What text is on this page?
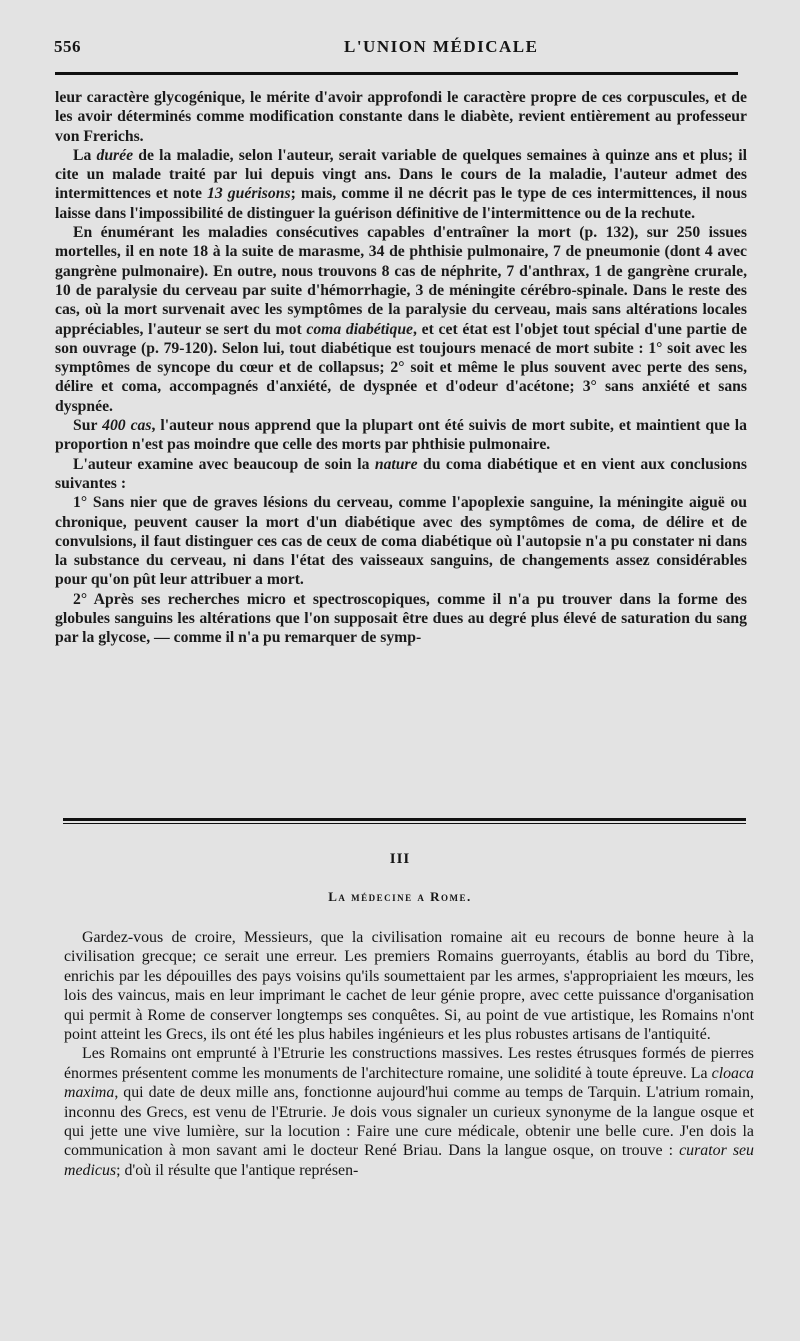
556	L'UNION MÉDICALE

leur caractère glycogénique, le mérite d'avoir approfondi le caractère propre de ces corpuscules, et de les avoir déterminés comme modification constante dans le diabète, revient entièrement au professeur von Frerichs.

La durée de la maladie, selon l'auteur, serait variable de quelques semaines à quinze ans et plus; il cite un malade traité par lui depuis vingt ans. Dans le cours de la maladie, l'auteur admet des intermittences et note 13 guérisons; mais, comme il ne décrit pas le type de ces intermittences, il nous laisse dans l'impossibilité de distinguer la guérison définitive de l'intermittence ou de la rechute.

En énumérant les maladies consécutives capables d'entraîner la mort (p. 132), sur 250 issues mortelles, il en note 18 à la suite de marasme, 34 de phthisie pulmonaire, 7 de pneumonie (dont 4 avec gangrène pulmonaire). En outre, nous trouvons 8 cas de néphrite, 7 d'anthrax, 1 de gangrène crurale, 10 de paralysie du cerveau par suite d'hémorrhagie, 3 de méningite cérébro-spinale. Dans le reste des cas, où la mort survenait avec les symptômes de la paralysie du cerveau, mais sans altérations locales appréciables, l'auteur se sert du mot coma diabétique, et cet état est l'objet tout spécial d'une partie de son ouvrage (p. 79-120). Selon lui, tout diabétique est toujours menacé de mort subite : 1° soit avec les symptômes de syncope du cœur et de collapsus; 2° soit et même le plus souvent avec perte des sens, délire et coma, accompagnés d'anxiété, de dyspnée et d'odeur d'acétone; 3° sans anxiété et sans dyspnée.

Sur 400 cas, l'auteur nous apprend que la plupart ont été suivis de mort subite, et maintient que la proportion n'est pas moindre que celle des morts par phthisie pulmonaire.

L'auteur examine avec beaucoup de soin la nature du coma diabétique et en vient aux conclusions suivantes :

1° Sans nier que de graves lésions du cerveau, comme l'apoplexie sanguine, la méningite aiguë ou chronique, peuvent causer la mort d'un diabétique avec des symptômes de coma, de délire et de convulsions, il faut distinguer ces cas de ceux de coma diabétique où l'autopsie n'a pu constater ni dans la substance du cerveau, ni dans l'état des vaisseaux sanguins, de changements assez considérables pour qu'on pût leur attribuer a mort.

2° Après ses recherches micro et spectroscopiques, comme il n'a pu trouver dans la forme des globules sanguins les altérations que l'on supposait être dues au degré plus élevé de saturation du sang par la glycose, — comme il n'a pu remarquer de symp-

III
La médecine a Rome.

Gardez-vous de croire, Messieurs, que la civilisation romaine ait eu recours de bonne heure à la civilisation grecque; ce serait une erreur. Les premiers Romains guerroyants, établis au bord du Tibre, enrichis par les dépouilles des pays voisins qu'ils soumettaient par les armes, s'appropriaient les mœurs, les lois des vaincus, mais en leur imprimant le cachet de leur génie propre, avec cette puissance d'organisation qui permit à Rome de conserver longtemps ses conquêtes. Si, au point de vue artistique, les Romains n'ont point atteint les Grecs, ils ont été les plus habiles ingénieurs et les plus robustes artisans de l'antiquité.

Les Romains ont emprunté à l'Etrurie les constructions massives. Les restes étrusques formés de pierres énormes présentent comme les monuments de l'architecture romaine, une solidité à toute épreuve. La cloaca maxima, qui date de deux mille ans, fonctionne aujourd'hui comme au temps de Tarquin. L'atrium romain, inconnu des Grecs, est venu de l'Etrurie. Je dois vous signaler un curieux synonyme de la langue osque et qui jette une vive lumière, sur la locution : Faire une cure médicale, obtenir une belle cure. J'en dois la communication à mon savant ami le docteur René Briau. Dans la langue osque, on trouve : curator seu medicus; d'où il résulte que l'antique représen-
